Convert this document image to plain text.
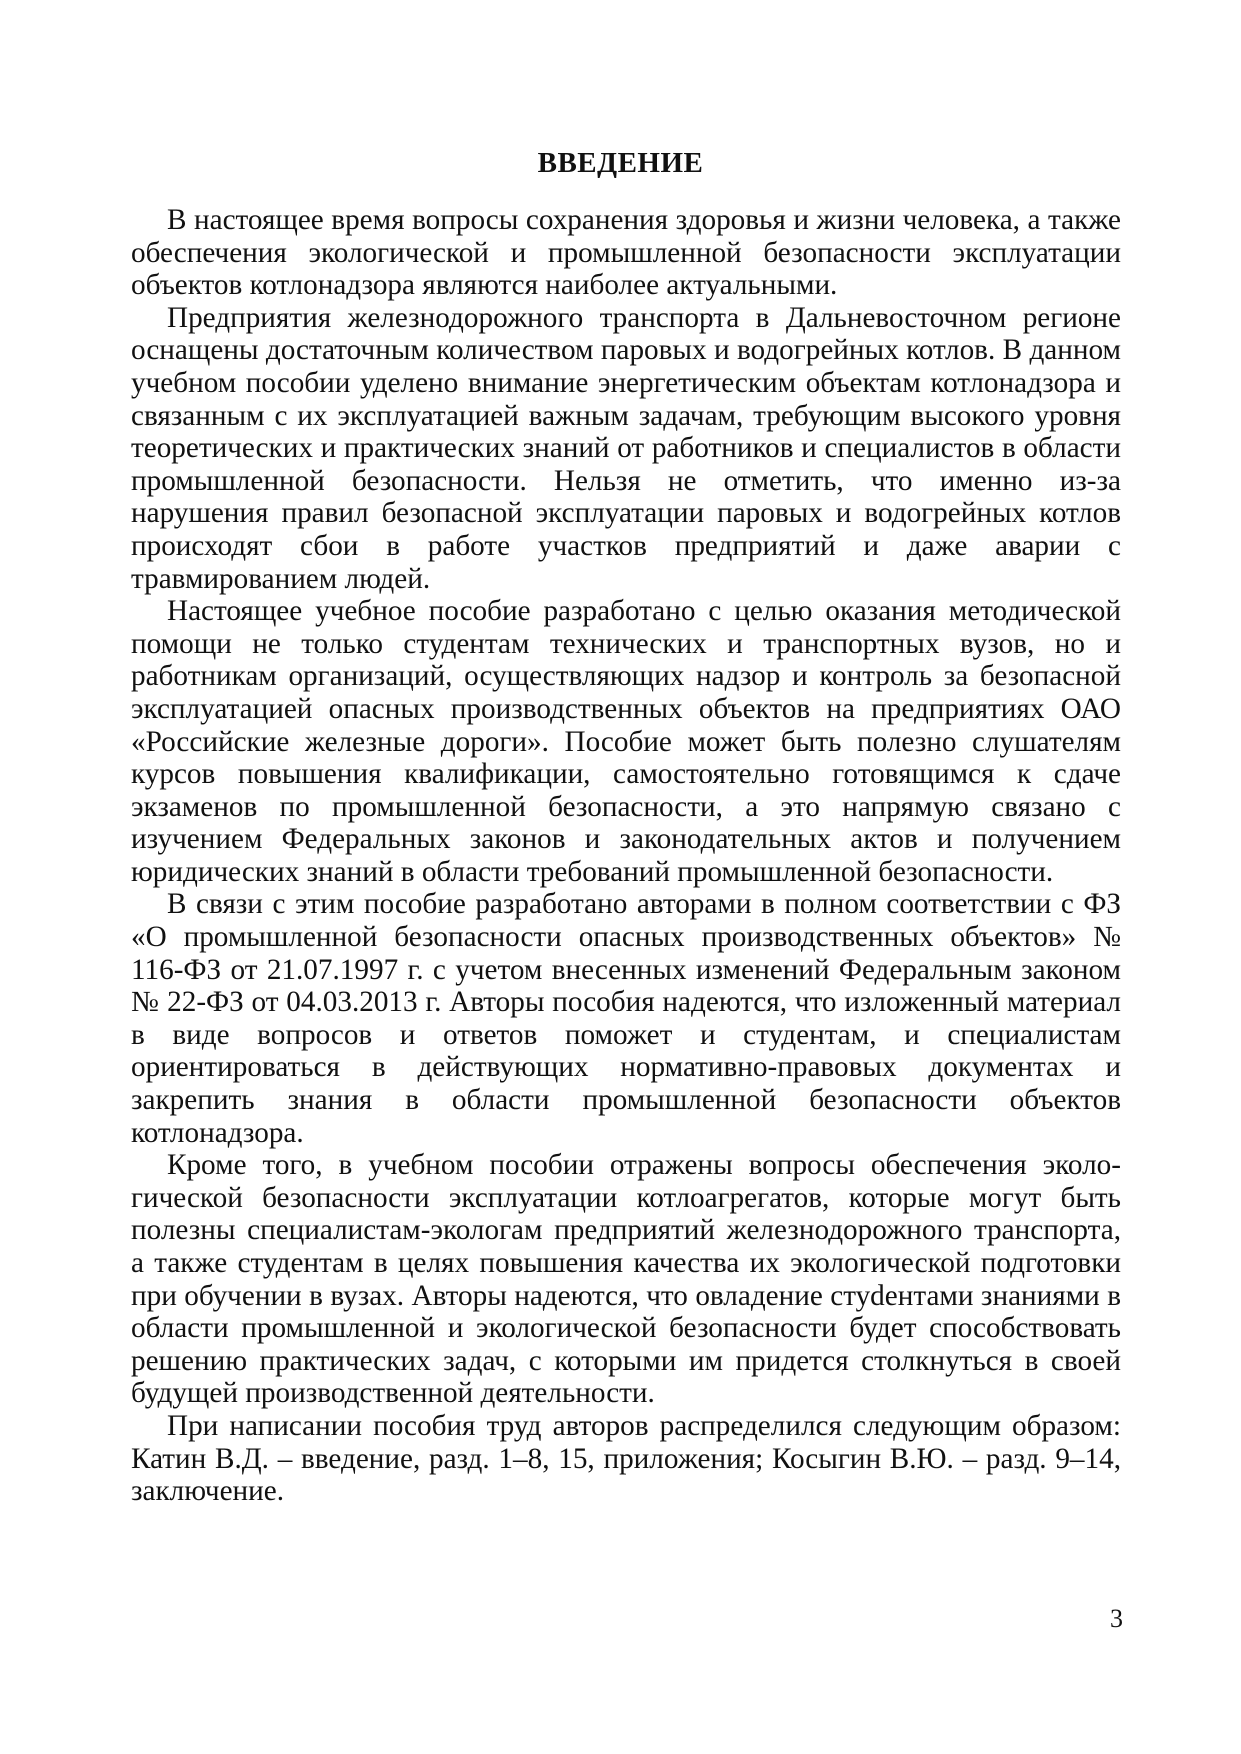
ВВЕДЕНИЕ

В настоящее время вопросы сохранения здоровья и жизни человека, а также обеспечения экологической и промышленной безопасности эксплуатации объектов котлонадзора являются наиболее актуальными.

Предприятия железнодорожного транспорта в Дальневосточном регионе оснащены достаточным количеством паровых и водогрейных котлов. В данном учебном пособии уделено внимание энергетическим объектам котлонадзора и связанным с их эксплуатацией важным задачам, требующим высокого уровня теоретических и практических знаний от работников и специалистов в области промышленной безопасности. Нельзя не отметить, что именно из-за нарушения правил безопасной эксплуатации паровых и водогрейных котлов происходят сбои в работе участков предприятий и даже аварии с травмированием людей.

Настоящее учебное пособие разработано с целью оказания методической помощи не только студентам технических и транспортных вузов, но и работникам организаций, осуществляющих надзор и контроль за безопасной эксплуатацией опасных производственных объектов на предприятиях ОАО «Российские железные дороги». Пособие может быть полезно слушателям курсов повышения квалификации, самостоятельно готовящимся к сдаче экзаменов по промышленной безопасности, а это напрямую связано с изучением Федеральных законов и законодательных актов и получением юридических знаний в области требований промышленной безопасности.

В связи с этим пособие разработано авторами в полном соответствии с ФЗ «О промышленной безопасности опасных производственных объектов» № 116-ФЗ от 21.07.1997 г. с учетом внесенных изменений Федеральным законом № 22-ФЗ от 04.03.2013 г. Авторы пособия надеются, что изложенный материал в виде вопросов и ответов поможет и студентам, и специалистам ориентироваться в действующих нормативно-правовых документах и закрепить знания в области промышленной безопасности объектов котлонадзора.

Кроме того, в учебном пособии отражены вопросы обеспечения экологической безопасности эксплуатации котлоагрегатов, которые могут быть полезны специалистам-экологам предприятий железнодорожного транспорта, а также студентам в целях повышения качества их экологической подготовки при обучении в вузах. Авторы надеются, что овладение стуdентами знаниями в области промышленной и экологической безопасности будет способствовать решению практических задач, с которыми им придется столкнуться в своей будущей производственной деятельности.

При написании пособия труд авторов распределился следующим образом: Катин В.Д. – введение, разд. 1–8, 15, приложения; Косыгин В.Ю. – разд. 9–14, заключение.

3
